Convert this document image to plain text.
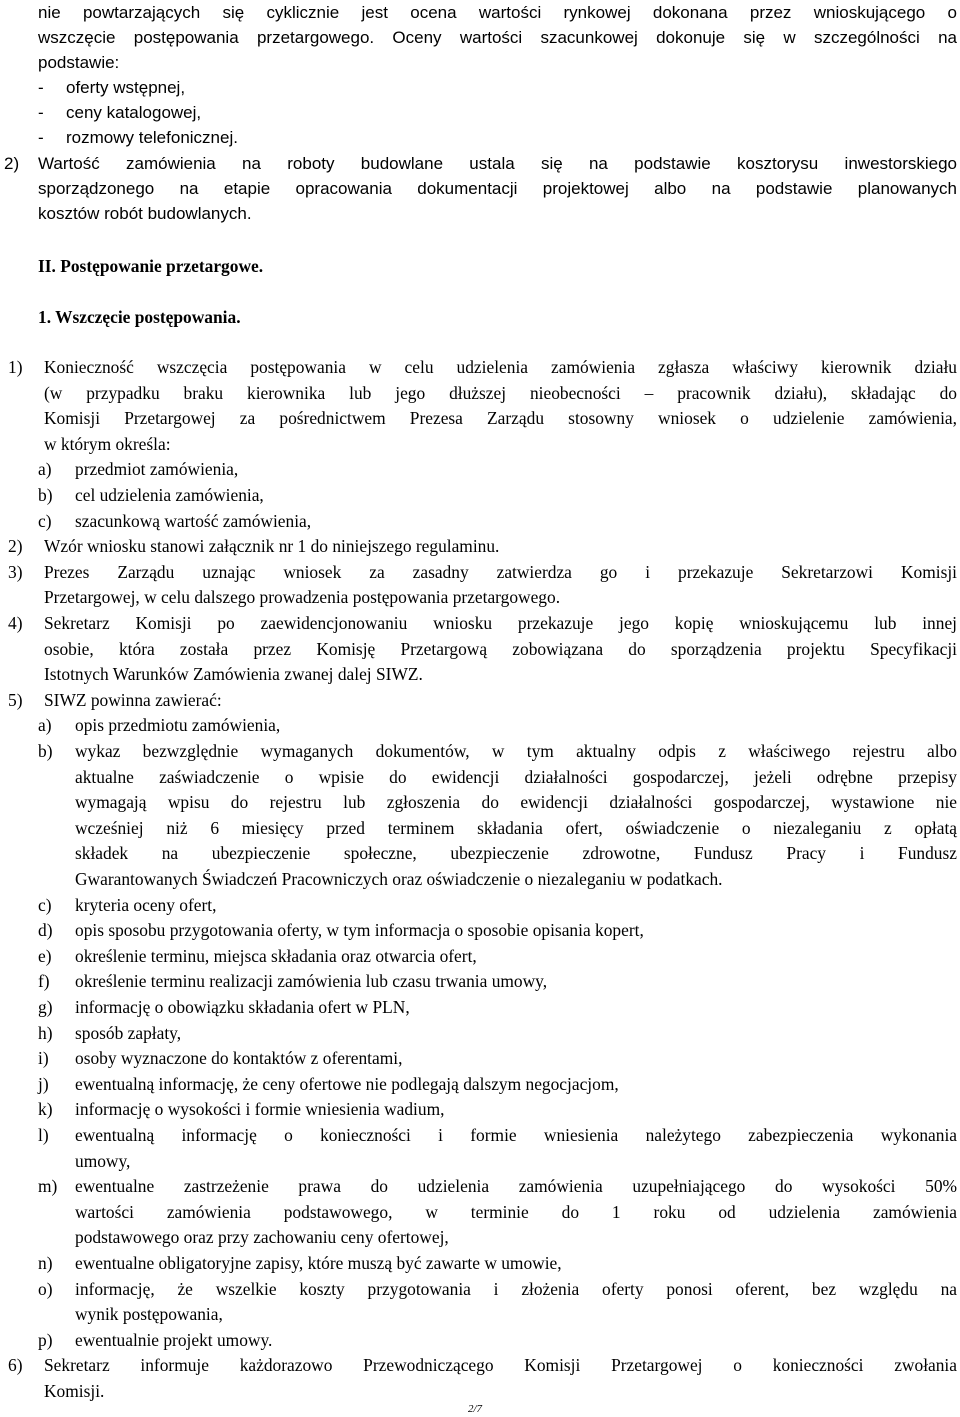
nie powtarzających się cyklicznie jest ocena wartości rynkowej dokonana przez wnioskującego o
wszczęcie postępowania przetargowego. Oceny wartości szacunkowej dokonuje się w szczególności na
podstawie:
- oferty wstępnej,
- ceny katalogowej,
- rozmowy telefonicznej.
2) Wartość zamówienia na roboty budowlane ustala się na podstawie kosztorysu inwestorskiego
sporządzonego na etapie opracowania dokumentacji projektowej albo na podstawie planowanych
kosztów robót budowlanych.
II. Postępowanie przetargowe.
1. Wszczęcie postępowania.
1) Konieczność wszczęcia postępowania w celu udzielenia zamówienia zgłasza właściwy kierownik działu
(w przypadku braku kierownika lub jego dłuższej nieobecności – pracownik działu), składając do
Komisji Przetargowej za pośrednictwem Prezesa Zarządu stosowny wniosek o udzielenie zamówienia,
w którym określa:
a) przedmiot zamówienia,
b) cel udzielenia zamówienia,
c) szacunkową wartość zamówienia,
2) Wzór wniosku stanowi załącznik nr 1 do niniejszego regulaminu.
3) Prezes Zarządu uznając wniosek za zasadny zatwierdza go i przekazuje Sekretarzowi Komisji
Przetargowej, w celu dalszego prowadzenia postępowania przetargowego.
4) Sekretarz Komisji po zaewidencjonowaniu wniosku przekazuje jego kopię wnioskującemu lub innej
osobie, która została przez Komisję Przetargową zobowiązana do sporządzenia projektu Specyfikacji
Istotnych Warunków Zamówienia zwanej dalej SIWZ.
5) SIWZ powinna zawierać:
a) opis przedmiotu zamówienia,
b) wykaz bezwzględnie wymaganych dokumentów, w tym aktualny odpis z właściwego rejestru albo
aktualne zaświadczenie o wpisie do ewidencji działalności gospodarczej, jeżeli odrębne przepisy
wymagają wpisu do rejestru lub zgłoszenia do ewidencji działalności gospodarczej, wystawione nie
wcześniej niż 6 miesięcy przed terminem składania ofert, oświadczenie o niezaleganiu z opłatą
składek na ubezpieczenie społeczne, ubezpieczenie zdrowotne, Fundusz Pracy i Fundusz
Gwarantowanych Świadczeń Pracowniczych oraz oświadczenie o niezaleganiu w podatkach.
c) kryteria oceny ofert,
d) opis sposobu przygotowania oferty, w tym informacja o sposobie opisania kopert,
e) określenie terminu, miejsca składania oraz otwarcia ofert,
f) określenie terminu realizacji zamówienia lub czasu trwania umowy,
g) informację o obowiązku składania ofert w PLN,
h) sposób zapłaty,
i) osoby wyznaczone do kontaktów z oferentami,
j) ewentualną informację, że ceny ofertowe nie podlegają dalszym negocjacjom,
k) informację o wysokości i formie wniesienia wadium,
l) ewentualną informację o konieczności i formie wniesienia należytego zabezpieczenia wykonania
umowy,
m) ewentualne zastrzeżenie prawa do udzielenia zamówienia uzupełniającego do wysokości 50%
wartości zamówienia podstawowego, w terminie do 1 roku od udzielenia zamówienia
podstawowego oraz przy zachowaniu ceny ofertowej,
n) ewentualne obligatoryjne zapisy, które muszą być zawarte w umowie,
o) informację, że wszelkie koszty przygotowania i złożenia oferty ponosi oferent, bez względu na
wynik postępowania,
p) ewentualnie projekt umowy.
6) Sekretarz informuje każdorazowo Przewodniczącego Komisji Przetargowej o konieczności zwołania
Komisji.
2/7
